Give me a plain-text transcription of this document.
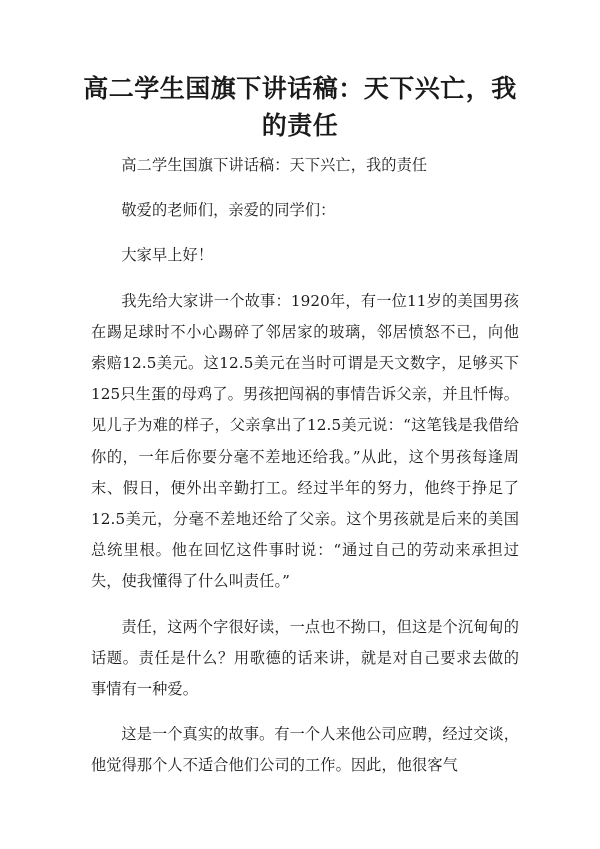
高二学生国旗下讲话稿：天下兴亡，我的责任

高二学生国旗下讲话稿：天下兴亡，我的责任

敬爱的老师们，亲爱的同学们：

大家早上好！

我先给大家讲一个故事：1920年，有一位11岁的美国男孩在踢足球时不小心踢碎了邻居家的玻璃，邻居愤怒不已，向他索赔12.5美元。这12.5美元在当时可谓是天文数字，足够买下125只生蛋的母鸡了。男孩把闯祸的事情告诉父亲，并且忏悔。见儿子为难的样子，父亲拿出了12.5美元说：“这笔钱是我借给你的，一年后你要分毫不差地还给我。”从此，这个男孩每逢周末、假日，便外出辛勤打工。经过半年的努力，他终于挣足了12.5美元，分毫不差地还给了父亲。这个男孩就是后来的美国总统里根。他在回忆这件事时说：“通过自己的劳动来承担过失，使我懂得了什么叫责任。”

责任，这两个字很好读，一点也不拗口，但这是个沉甸甸的话题。责任是什么？用歌德的话来讲，就是对自己要求去做的事情有一种爱。

这是一个真实的故事。有一个人来他公司应聘，经过交谈，他觉得那个人不适合他们公司的工作。因此，他很客气
